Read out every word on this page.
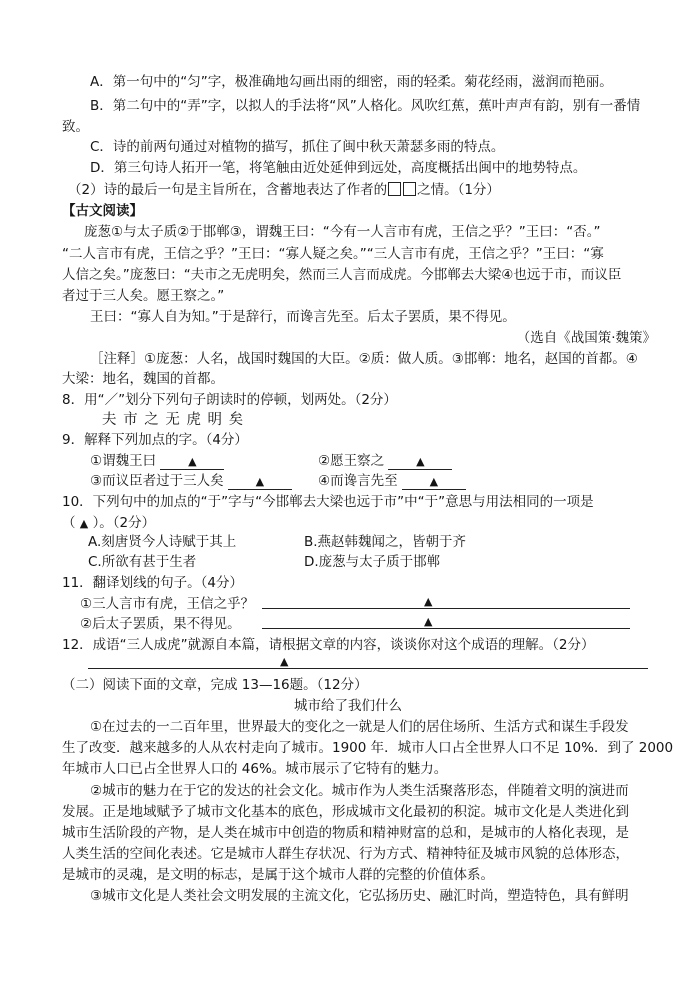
A．第一句中的“匀”字，极准确地勾画出雨的细密，雨的轻柔。菊花经雨，滋润而艳丽。
B．第二句中的“弄”字，以拟人的手法将“风”人格化。风吹红蕉，蕉叶声声有韵，别有一番情
致。
C．诗的前两句通过对植物的描写，抓住了闽中秋天萧瑟多雨的特点。
D．第三句诗人拓开一笔，将笔触由近处延伸到远处，高度概括出闽中的地势特点。
（2）诗的最后一句是主旨所在，含蓄地表达了作者的 之情。（1分）
【古文阅读】
庞葱①与太子质②于邯郸③，谓魏王曰：“今有一人言市有虎，王信之乎？”王曰：“否。”
“二人言市有虎，王信之乎？”王曰：“寡人疑之矣。”“三人言市有虎，王信之乎？”王曰：“寡
人信之矣。”庞葱曰：“夫市之无虎明矣，然而三人言而成虎。今邯郸去大梁④也远于市，而议臣
者过于三人矣。愿王察之。”
王曰：“寡人自为知。”于是辞行，而谗言先至。后太子罢质，果不得见。
（选自《战国策·魏策》
［注释］①庞葱：人名，战国时魏国的大臣。②质：做人质。③邯郸：地名，赵国的首都。④
大梁：地名，魏国的首都。
8．用“／”划分下列句子朗读时的停顿，划两处。（2分）
夫 市 之 无 虎 明 矣
9．解释下列加点的字。（4分）
①谓魏王曰	▲	②愿王察之	▲
③而议臣者过于三人矣	▲	④而谗言先至	▲
10．下列句中的加点的“于”字与“今邯郸去大梁也远于市”中“于”意思与用法相同的一项是
（ ▲ ）。（2分）
A.刻唐贤今人诗赋于其上	B.燕赵韩魏闻之，皆朝于齐
C.所欲有甚于生者	D.庞葱与太子质于邯郸
11．翻译划线的句子。（4分）
①三人言市有虎，王信之乎？	▲
②后太子罢质，果不得见。	▲
12．成语“三人成虎”就源自本篇，请根据文章的内容，谈谈你对这个成语的理解。（2分）
▲
（二）阅读下面的文章，完成 13—16题。（12分）
城市给了我们什么
①在过去的一二百年里，世界最大的变化之一就是人们的居住场所、生活方式和谋生手段发
生了改变．越来越多的人从农村走向了城市。1900 年．城市人口占全世界人口不足 10%．到了 2000
年城市人口已占全世界人口的 46%。城市展示了它特有的魅力。
②城市的魅力在于它的发达的社会文化。城市作为人类生活聚落形态，伴随着文明的演进而
发展。正是地域赋予了城市文化基本的底色，形成城市文化最初的积淀。城市文化是人类进化到
城市生活阶段的产物，是人类在城市中创造的物质和精神财富的总和，是城市的人格化表现，是
人类生活的空间化表述。它是城市人群生存状况、行为方式、精神特征及城市风貌的总体形态，
是城市的灵魂，是文明的标志，是属于这个城市人群的完整的价值体系。
③城市文化是人类社会文明发展的主流文化，它弘扬历史、融汇时尚，塑造特色，具有鲜明
